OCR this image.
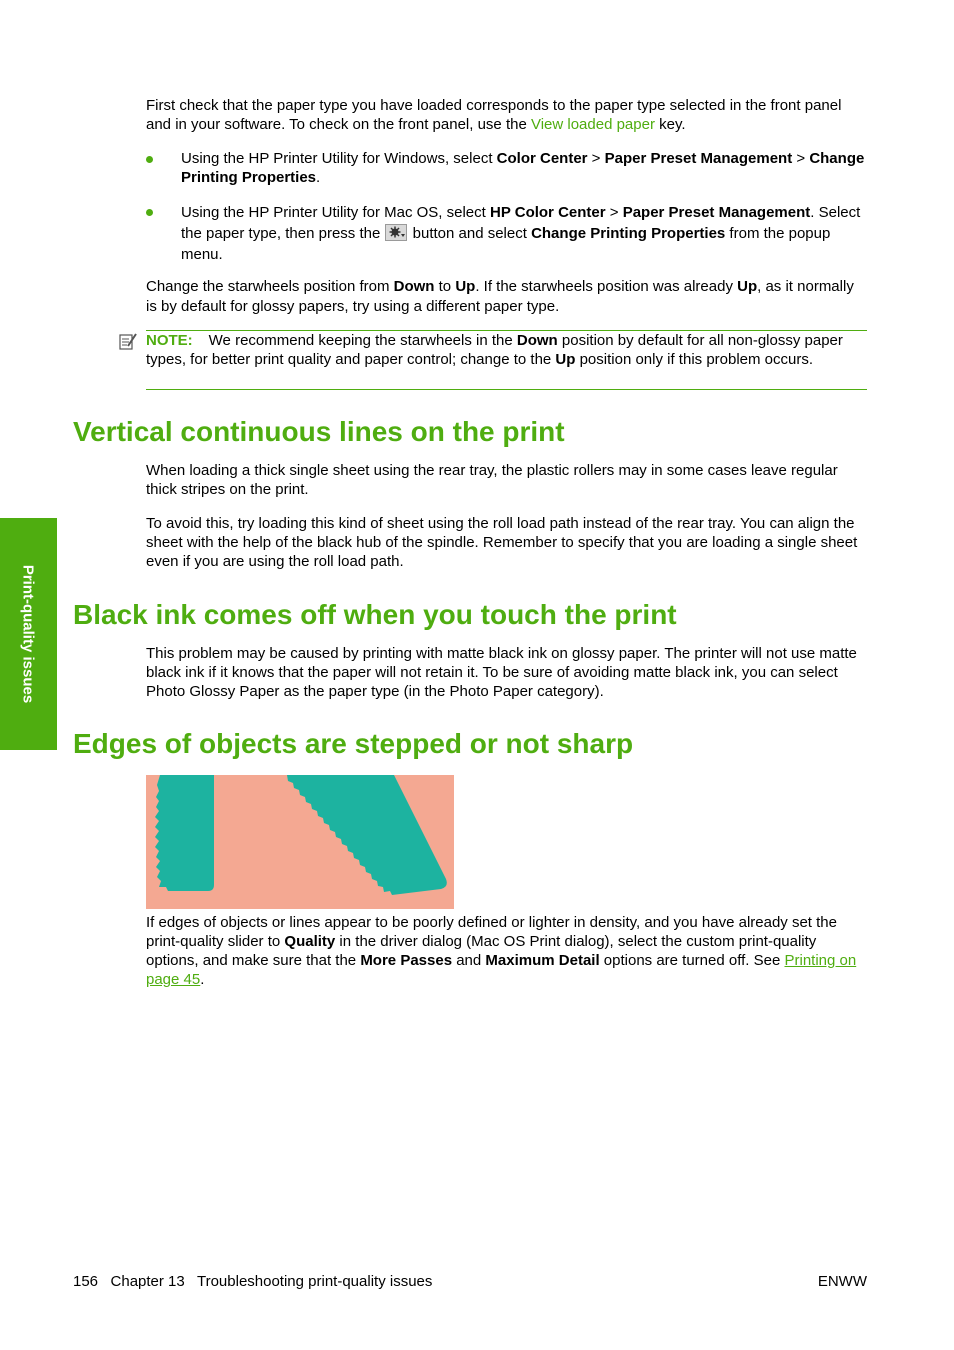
First check that the paper type you have loaded corresponds to the paper type selected in the front panel and in your software. To check on the front panel, use the View loaded paper key.

Using the HP Printer Utility for Windows, select Color Center > Paper Preset Management > Change Printing Properties.

Using the HP Printer Utility for Mac OS, select HP Color Center > Paper Preset Management. Select the paper type, then press the
button and select Change Printing Properties from the popup menu.

Change the starwheels position from Down to Up. If the starwheels position was already Up, as it normally is by default for glossy papers, try using a different paper type.

NOTE: We recommend keeping the starwheels in the Down position by default for all non-glossy paper types, for better print quality and paper control; change to the Up position only if this problem occurs.

Vertical continuous lines on the print

When loading a thick single sheet using the rear tray, the plastic rollers may in some cases leave regular thick stripes on the print.

To avoid this, try loading this kind of sheet using the roll load path instead of the rear tray. You can align the sheet with the help of the black hub of the spindle. Remember to specify that you are loading a single sheet even if you are using the roll load path.

Black ink comes off when you touch the print

This problem may be caused by printing with matte black ink on glossy paper. The printer will not use matte black ink if it knows that the paper will not retain it. To be sure of avoiding matte black ink, you can select Photo Glossy Paper as the paper type (in the Photo Paper category).

Edges of objects are stepped or not sharp

If edges of objects or lines appear to be poorly defined or lighter in density, and you have already set the print-quality slider to Quality in the driver dialog (Mac OS Print dialog), select the custom print-quality options, and make sure that the More Passes and Maximum Detail options are turned off. See Printing on page 45.

Print-quality issues
156   Chapter 13   Troubleshooting print-quality issues	ENWW
